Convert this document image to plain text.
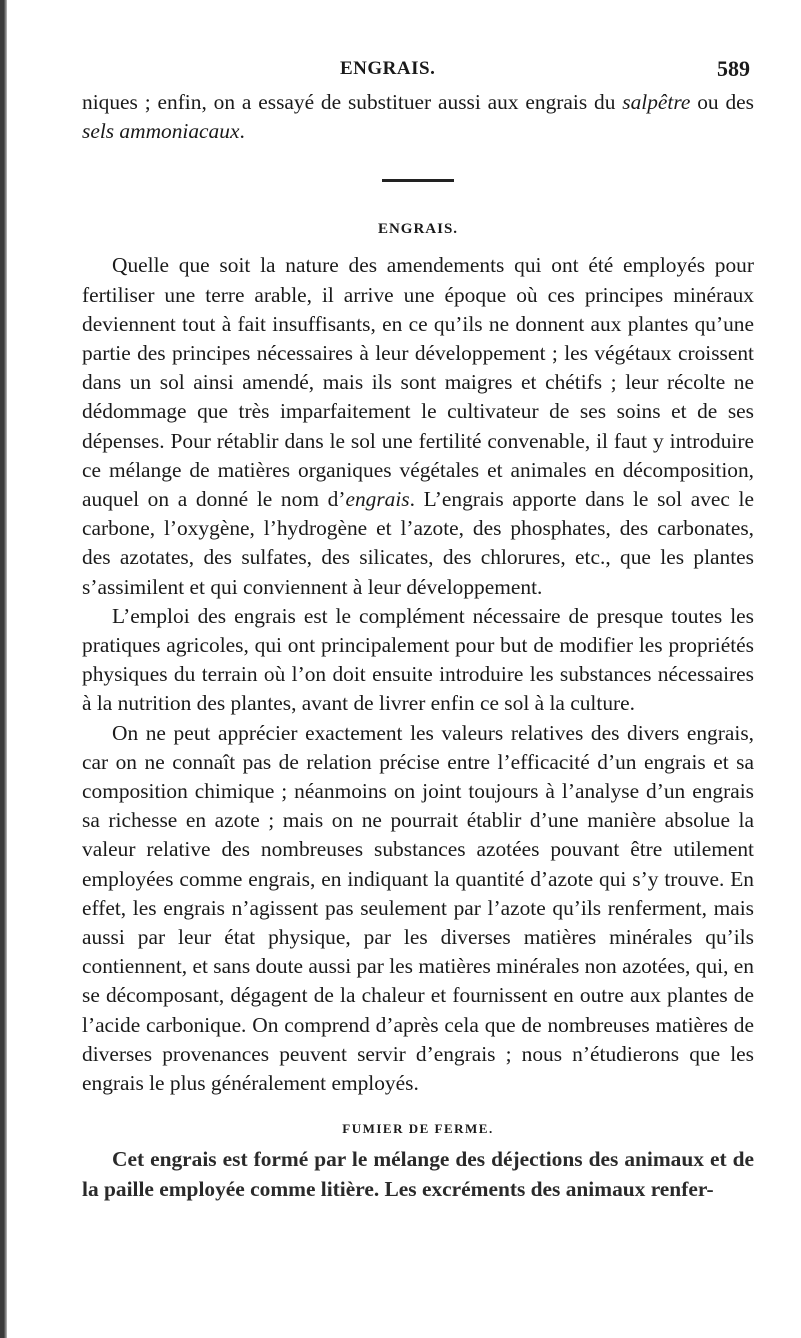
ENGRAIS.	589

niques ; enfin, on a essayé de substituer aussi aux engrais du salpêtre ou des sels ammoniacaux.

ENGRAIS.

Quelle que soit la nature des amendements qui ont été employés pour fertiliser une terre arable, il arrive une époque où ces principes minéraux deviennent tout à fait insuffisants, en ce qu’ils ne donnent aux plantes qu’une partie des principes nécessaires à leur développement ; les végétaux croissent dans un sol ainsi amendé, mais ils sont maigres et chétifs ; leur récolte ne dédommage que très imparfaitement le cultivateur de ses soins et de ses dépenses. Pour rétablir dans le sol une fertilité convenable, il faut y introduire ce mélange de matières organiques végétales et animales en décomposition, auquel on a donné le nom d’engrais. L’engrais apporte dans le sol avec le carbone, l’oxygène, l’hydrogène et l’azote, des phosphates, des carbonates, des azotates, des sulfates, des silicates, des chlorures, etc., que les plantes s’assimilent et qui conviennent à leur développement.

L’emploi des engrais est le complément nécessaire de presque toutes les pratiques agricoles, qui ont principalement pour but de modifier les propriétés physiques du terrain où l’on doit ensuite introduire les substances nécessaires à la nutrition des plantes, avant de livrer enfin ce sol à la culture.

On ne peut apprécier exactement les valeurs relatives des divers engrais, car on ne connaît pas de relation précise entre l’efficacité d’un engrais et sa composition chimique ; néanmoins on joint toujours à l’analyse d’un engrais sa richesse en azote ; mais on ne pourrait établir d’une manière absolue la valeur relative des nombreuses substances azotées pouvant être utilement employées comme engrais, en indiquant la quantité d’azote qui s’y trouve. En effet, les engrais n’agissent pas seulement par l’azote qu’ils renferment, mais aussi par leur état physique, par les diverses matières minérales qu’ils contiennent, et sans doute aussi par les matières minérales non azotées, qui, en se décomposant, dégagent de la chaleur et fournissent en outre aux plantes de l’acide carbonique. On comprend d’après cela que de nombreuses matières de diverses provenances peuvent servir d’engrais ; nous n’étudierons que les engrais le plus généralement employés.

FUMIER DE FERME.

Cet engrais est formé par le mélange des déjections des animaux et de la paille employée comme litière. Les excréments des animaux renfer-
